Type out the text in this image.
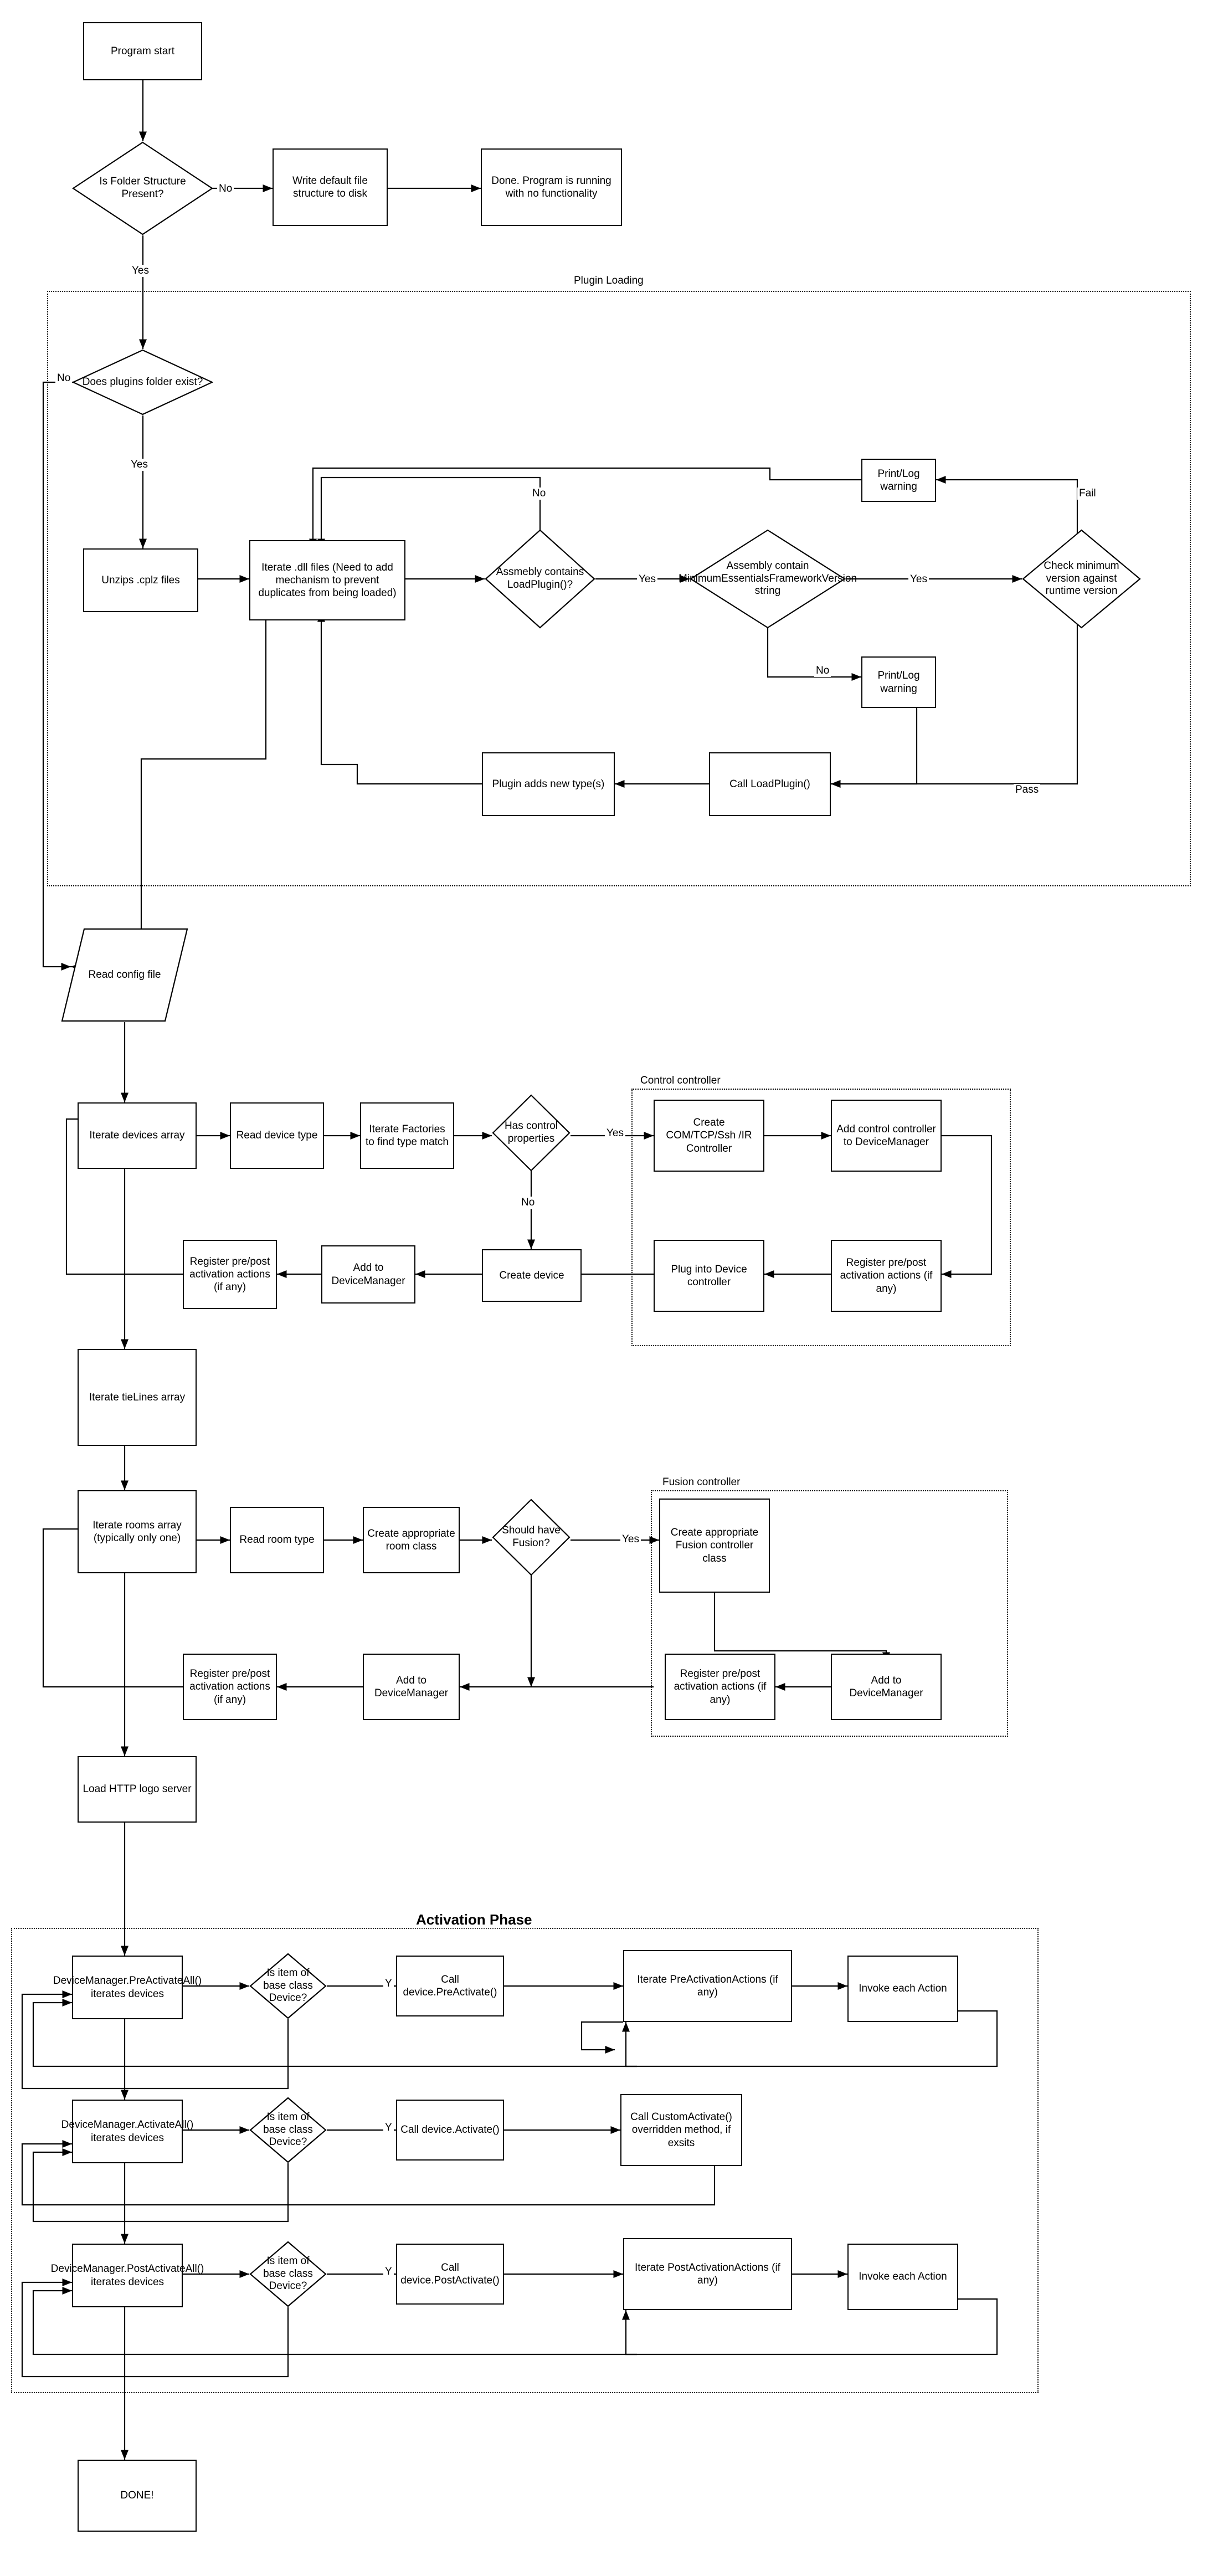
Plugin Loading
Control controller
Fusion controller
Activation Phase
Program start
Is Folder Structure Present?
Write default file structure to disk
Done. Program is running with no functionality
Does plugins folder exist?
Unzips .cplz files
Iterate .dll files (Need to add mechanism to prevent duplicates from being loaded)
Assmebly contains LoadPlugin()?
Assembly contain MinimumEssentialsFrameworkVersion string
Print/Log warning
Print/Log warning
Check minimum version against runtime version
Call LoadPlugin()
Plugin adds new type(s)
Read config file
Iterate devices array	Read device type
Iterate Factories to find type match
Has control properties
Create COM/TCP/Ssh /IR Controller
Add control controller to DeviceManager
Register pre/post activation actions (if any)
Plug into Device controller
Create device
Add to DeviceManager
Register pre/post activation actions (if any)
Iterate tieLines array
Iterate rooms array (typically only one)	Read room type
Create appropriate room class
Should have Fusion?
Create appropriate Fusion controller class
Add to DeviceManager
Register pre/post activation actions (if any)
Add to DeviceManager
Register pre/post activation actions (if any)
Load HTTP logo server
DeviceManager.PreActivateAll() iterates devices
Is item of base class Device?
Call device.PreActivate()
Iterate PreActivationActions (if any)	Invoke each Action
DeviceManager.ActivateAll() iterates devices
Is item of base class Device?
Call device.Activate()
Call CustomActivate() overridden method, if exsits
DeviceManager.PostActivateAll() iterates devices
Is item of base class Device?
Call device.PostActivate()
Iterate PostActivationActions (if any)	Invoke each Action
DONE!
No
Yes
No
Yes
No
Yes	Yes
No
Fail
Pass
Yes
No
Yes
Y
Y
Y
